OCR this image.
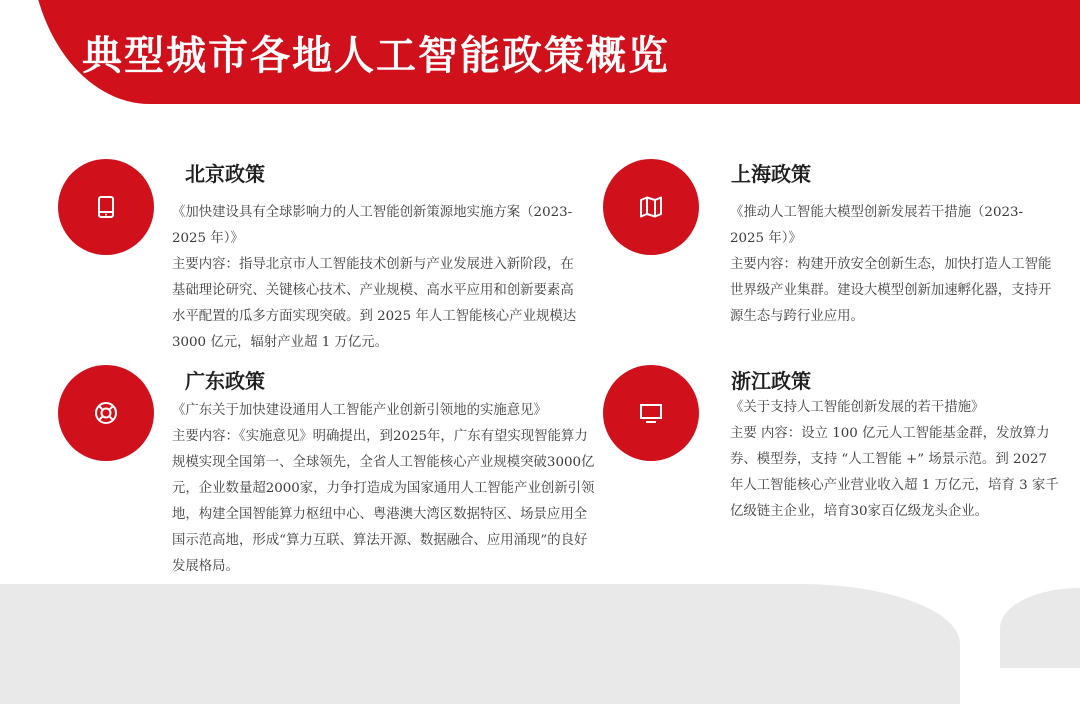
典型城市各地人工智能政策概览
北京政策

《加快建设具有全球影响力的人工智能创新策源地实施方案（2023-2025 年）》

主要内容：指导北京市人工智能技术创新与产业发展进入新阶段，在基础理论研究、关键核心技术、产业规模、高水平应用和创新要素高水平配置的瓜多方面实现突破。到 2025 年人工智能核心产业规模达 3000 亿元，辐射产业超 1 万亿元。

上海政策

《推动人工智能大模型创新发展若干措施（2023-2025 年）》

主要内容：构建开放安全创新生态，加快打造人工智能世界级产业集群。建设大模型创新加速孵化器，支持开源生态与跨行业应用。

广东政策

《广东关于加快建设通用人工智能产业创新引领地的实施意见》

主要内容：《实施意见》明确提出，到2025年，广东有望实现智能算力规模实现全国第一、全球领先，全省人工智能核心产业规模突破3000亿元，企业数量超2000家，力争打造成为国家通用人工智能产业创新引领地，构建全国智能算力枢纽中心、粤港澳大湾区数据特区、场景应用全国示范高地，形成“算力互联、算法开源、数据融合、应用涌现”的良好发展格局。

浙江政策

《关于支持人工智能创新发展的若干措施》

主要 内容：设立 100 亿元人工智能基金群，发放算力券、模型券，支持 “人工智能 +” 场景示范。到 2027 年人工智能核心产业营业收入超 1 万亿元，培育 3 家千亿级链主企业，培育30家百亿级龙头企业。
